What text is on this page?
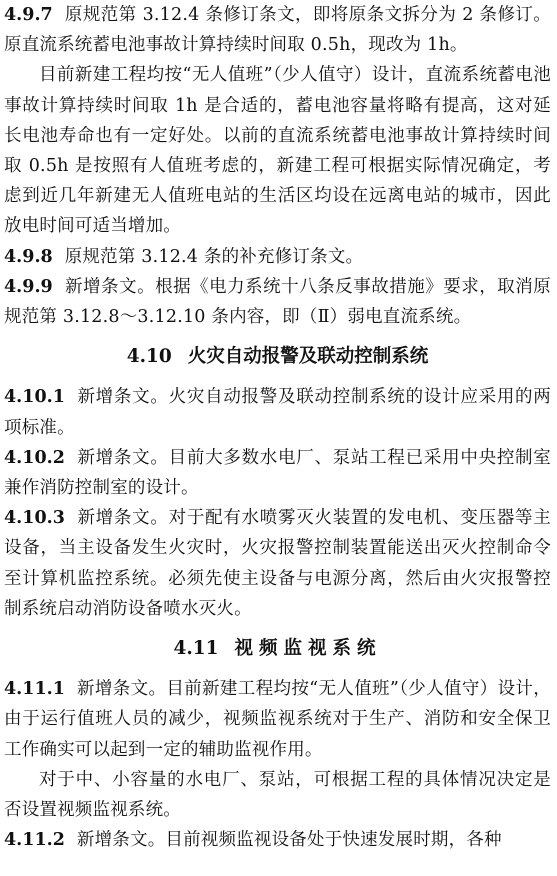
4.9.7 原规范第 3.12.4 条修订条文，即将原条文拆分为 2 条修订。原直流系统蓄电池事故计算持续时间取 0.5h，现改为 1h。

目前新建工程均按“无人值班”（少人值守）设计，直流系统蓄电池事故计算持续时间取 1h 是合适的，蓄电池容量将略有提高，这对延长电池寿命也有一定好处。以前的直流系统蓄电池事故计算持续时间取 0.5h 是按照有人值班考虑的，新建工程可根据实际情况确定，考虑到近几年新建无人值班电站的生活区均设在远离电站的城市，因此放电时间可适当增加。

4.9.8 原规范第 3.12.4 条的补充修订条文。

4.9.9 新增条文。根据《电力系统十八条反事故措施》要求，取消原规范第 3.12.8～3.12.10 条内容，即（Ⅱ）弱电直流系统。

4.10 火灾自动报警及联动控制系统

4.10.1 新增条文。火灾自动报警及联动控制系统的设计应采用的两项标准。

4.10.2 新增条文。目前大多数水电厂、泵站工程已采用中央控制室兼作消防控制室的设计。

4.10.3 新增条文。对于配有水喷雾灭火装置的发电机、变压器等主设备，当主设备发生火灾时，火灾报警控制装置能送出灭火控制命令至计算机监控系统。必须先使主设备与电源分离，然后由火灾报警控制系统启动消防设备喷水灭火。

4.11 视频监视系统

4.11.1 新增条文。目前新建工程均按“无人值班”（少人值守）设计，由于运行值班人员的减少，视频监视系统对于生产、消防和安全保卫工作确实可以起到一定的辅助监视作用。

对于中、小容量的水电厂、泵站，可根据工程的具体情况决定是否设置视频监视系统。

4.11.2 新增条文。目前视频监视设备处于快速发展时期，各种
